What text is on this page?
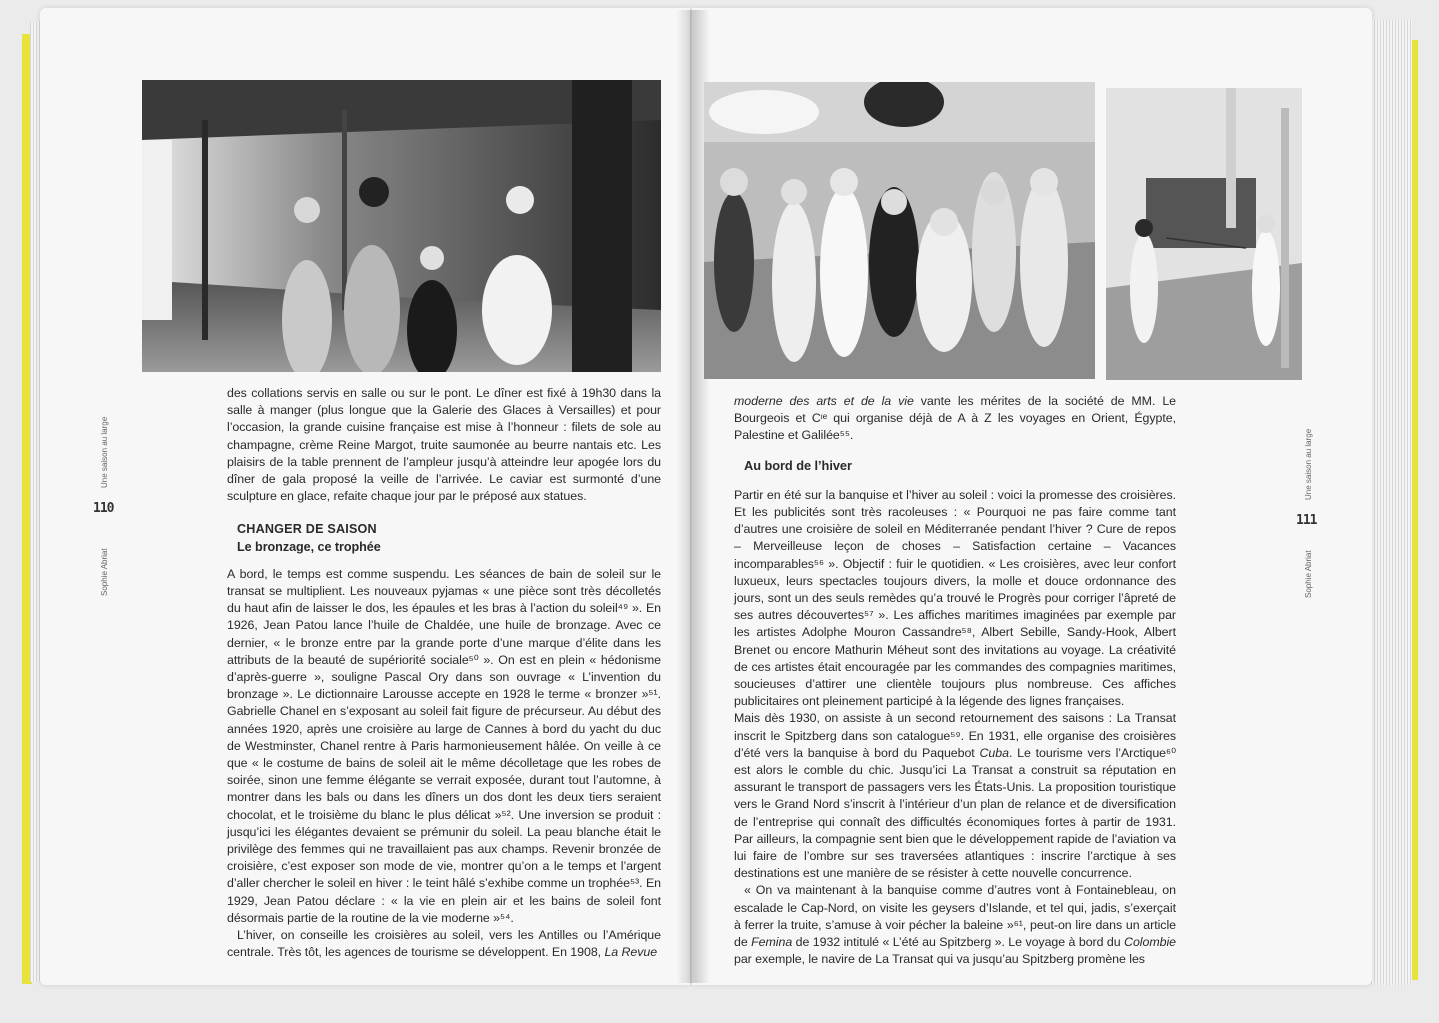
Une saison au large
110
Sophie Abriat

des collations servis en salle ou sur le pont. Le dîner est fixé à 19h30 dans la salle à manger (plus longue que la Galerie des Glaces à Versailles) et pour l’occasion, la grande cuisine française est mise à l’honneur : filets de sole au champagne, crème Reine Margot, truite saumonée au beurre nantais etc. Les plaisirs de la table prennent de l’ampleur jusqu’à atteindre leur apogée lors du dîner de gala proposé la veille de l’arrivée. Le caviar est surmonté d’une sculpture en glace, refaite chaque jour par le préposé aux statues.

CHANGER DE SAISON
Le bronzage, ce trophée

A bord, le temps est comme suspendu. Les séances de bain de soleil sur le transat se multiplient. Les nouveaux pyjamas « une pièce sont très décolletés du haut afin de laisser le dos, les épaules et les bras à l’action du soleil⁴⁹ ». En 1926, Jean Patou lance l’huile de Chaldée, une huile de bronzage. Avec ce dernier, « le bronze entre par la grande porte d’une marque d’élite dans les attributs de la beauté de supériorité sociale⁵⁰ ». On est en plein « hédonisme d’après-guerre », souligne Pascal Ory dans son ouvrage « L’invention du bronzage ». Le dictionnaire Larousse accepte en 1928 le terme « bronzer »⁵¹. Gabrielle Chanel en s’exposant au soleil fait figure de précurseur. Au début des années 1920, après une croisière au large de Cannes à bord du yacht du duc de Westminster, Chanel rentre à Paris harmonieusement hâlée. On veille à ce que « le costume de bains de soleil ait le même décolletage que les robes de soirée, sinon une femme élégante se verrait exposée, durant tout l’automne, à montrer dans les bals ou dans les dîners un dos dont les deux tiers seraient chocolat, et le troisième du blanc le plus délicat »⁵². Une inversion se produit : jusqu’ici les élégantes devaient se prémunir du soleil. La peau blanche était le privilège des femmes qui ne travaillaient pas aux champs. Revenir bronzée de croisière, c’est exposer son mode de vie, montrer qu’on a le temps et l’argent d’aller chercher le soleil en hiver : le teint hâlé s’exhibe comme un trophée⁵³. En 1929, Jean Patou déclare : « la vie en plein air et les bains de soleil font désormais partie de la routine de la vie moderne »⁵⁴.

L’hiver, on conseille les croisières au soleil, vers les Antilles ou l’Amérique centrale. Très tôt, les agences de tourisme se développent. En 1908, La Revue

moderne des arts et de la vie vante les mérites de la société de MM. Le Bourgeois et Cᶦᵉ qui organise déjà de A à Z les voyages en Orient, Égypte, Palestine et Galilée⁵⁵.

Au bord de l’hiver

Partir en été sur la banquise et l’hiver au soleil : voici la promesse des croisières. Et les publicités sont très racoleuses : « Pourquoi ne pas faire comme tant d’autres une croisière de soleil en Méditerranée pendant l’hiver ? Cure de repos – Merveilleuse leçon de choses – Satisfaction certaine – Vacances incomparables⁵⁶ ». Objectif : fuir le quotidien. « Les croisières, avec leur confort luxueux, leurs spectacles toujours divers, la molle et douce ordonnance des jours, sont un des seuls remèdes qu’a trouvé le Progrès pour corriger l’âpreté de ses autres découvertes⁵⁷ ». Les affiches maritimes imaginées par exemple par les artistes Adolphe Mouron Cassandre⁵⁸, Albert Sebille, Sandy-Hook, Albert Brenet ou encore Mathurin Méheut sont des invitations au voyage. La créativité de ces artistes était encouragée par les commandes des compagnies maritimes, soucieuses d’attirer une clientèle toujours plus nombreuse. Ces affiches publicitaires ont pleinement participé à la légende des lignes françaises.

Mais dès 1930, on assiste à un second retournement des saisons : La Transat inscrit le Spitzberg dans son catalogue⁵⁹. En 1931, elle organise des croisières d’été vers la banquise à bord du Paquebot Cuba. Le tourisme vers l’Arctique⁶⁰ est alors le comble du chic. Jusqu’ici La Transat a construit sa réputation en assurant le transport de passagers vers les États-Unis. La proposition touristique vers le Grand Nord s’inscrit à l’intérieur d’un plan de relance et de diversification de l’entreprise qui connaît des difficultés économiques fortes à partir de 1931. Par ailleurs, la compagnie sent bien que le développement rapide de l’aviation va lui faire de l’ombre sur ses traversées atlantiques : inscrire l’arctique à ses destinations est une manière de se résister à cette nouvelle concurrence.

« On va maintenant à la banquise comme d’autres vont à Fontainebleau, on escalade le Cap-Nord, on visite les geysers d’Islande, et tel qui, jadis, s’exerçait à ferrer la truite, s’amuse à voir pécher la baleine »⁶¹, peut-on lire dans un article de Femina de 1932 intitulé « L’été au Spitzberg ». Le voyage à bord du Colombie par exemple, le navire de La Transat qui va jusqu’au Spitzberg promène les

Une saison au large
111
Sophie Abriat
